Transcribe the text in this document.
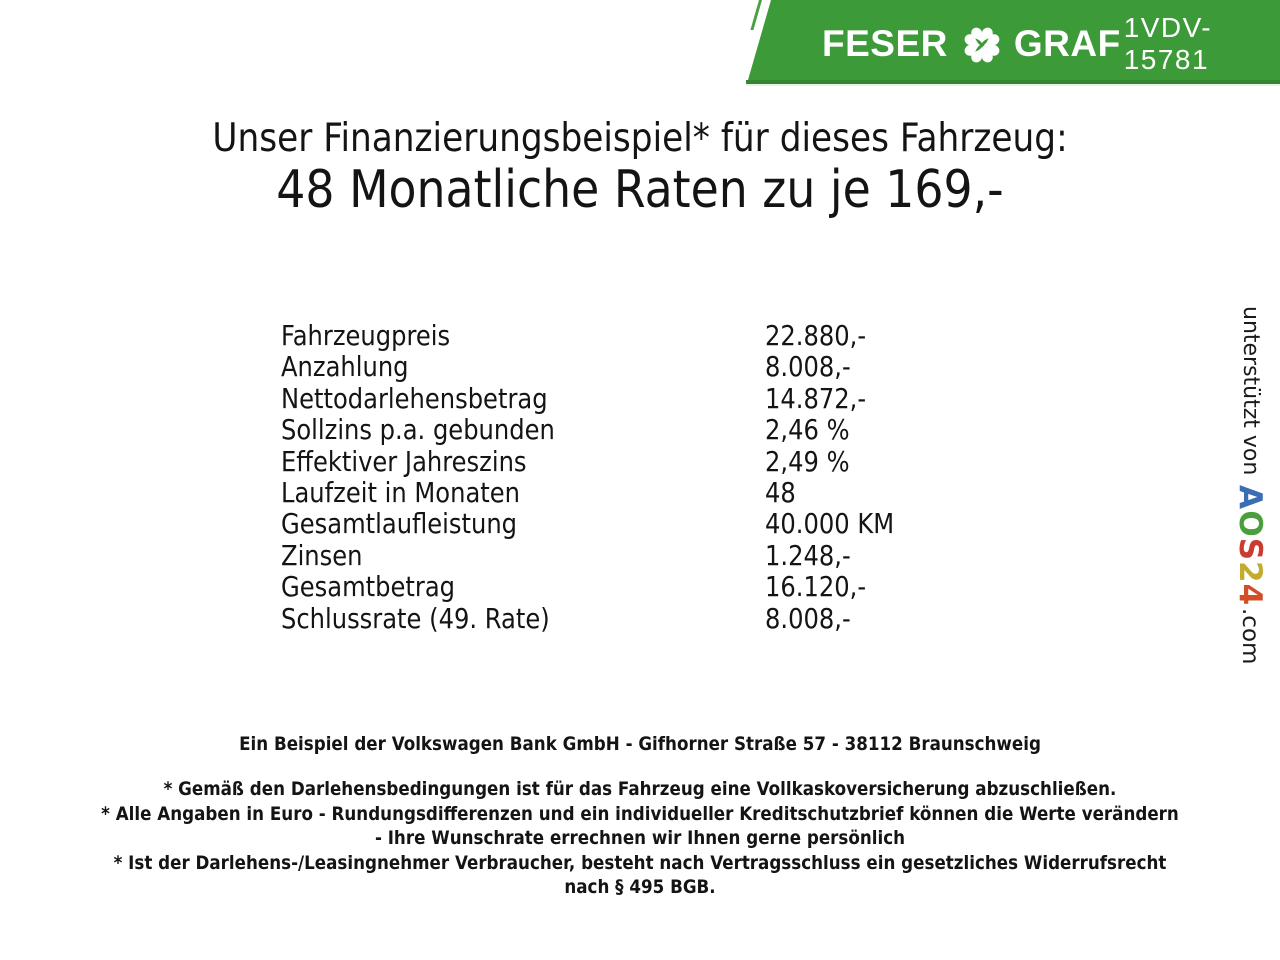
FESER GRAF 1VDV-15781
Unser Finanzierungsbeispiel* für dieses Fahrzeug:
48 Monatliche Raten zu je 169,-
Fahrzeugpreis	22.880,-
Anzahlung	8.008,-
Nettodarlehensbetrag	14.872,-
Sollzins p.a. gebunden	2,46 %
Effektiver Jahreszins	2,49 %
Laufzeit in Monaten	48
Gesamtlaufleistung	40.000 KM
Zinsen	1.248,-
Gesamtbetrag	16.120,-
Schlussrate (49. Rate)	8.008,-
Ein Beispiel der Volkswagen Bank GmbH - Gifhorner Straße 57 - 38112 Braunschweig
* Gemäß den Darlehensbedingungen ist für das Fahrzeug eine Vollkaskoversicherung abzuschließen.
* Alle Angaben in Euro - Rundungsdifferenzen und ein individueller Kreditschutzbrief können die Werte verändern
- Ihre Wunschrate errechnen wir Ihnen gerne persönlich
* Ist der Darlehens-/Leasingnehmer Verbraucher, besteht nach Vertragsschluss ein gesetzliches Widerrufsrecht
nach § 495 BGB.
unterstützt vonAOS24.com
